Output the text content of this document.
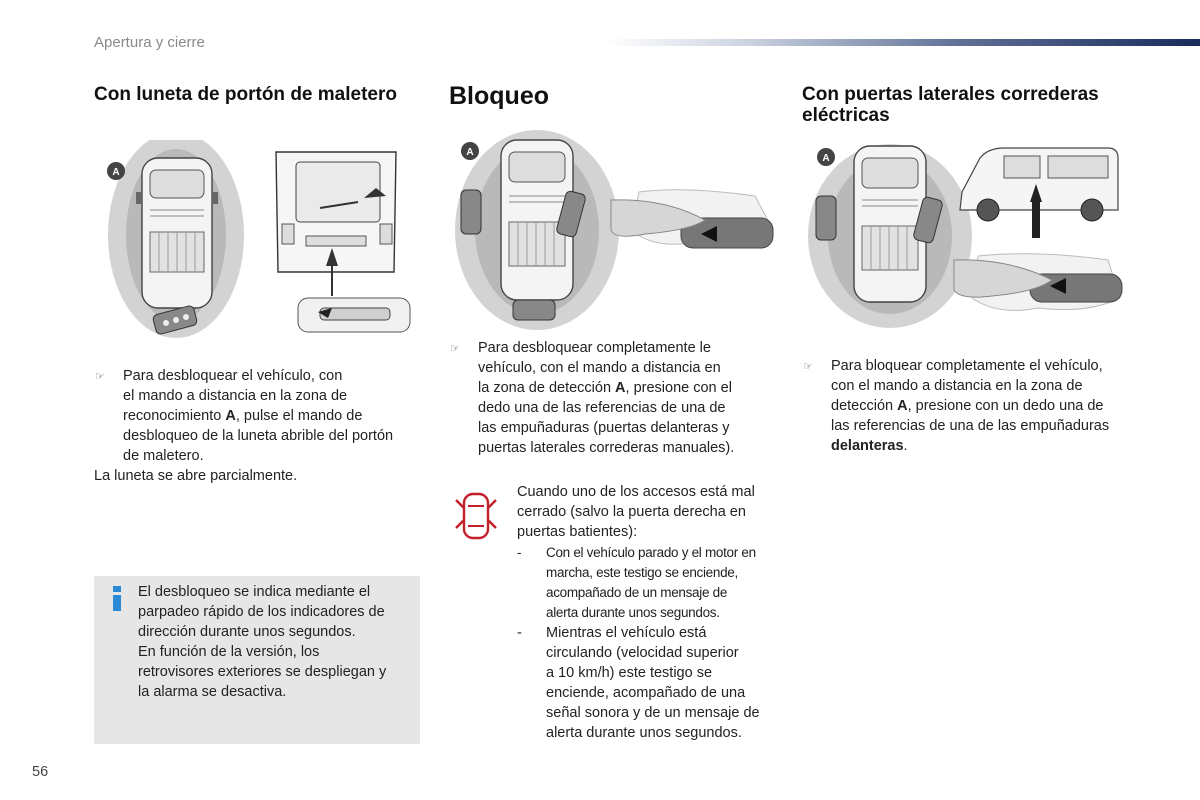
Apertura y cierre
Con luneta de portón de maletero Bloqueo	Con puertas laterales correderas
eléctricas
A
☞ Para desbloquear el vehículo, con
el mando a distancia en la zona de
reconocimiento A, pulse el mando de
desbloqueo de la luneta abrible del portón
de maletero.
La luneta se abre parcialmente.
El desbloqueo se indica mediante el
parpadeo rápido de los indicadores de
dirección durante unos segundos.
En función de la versión, los
retrovisores exteriores se despliegan y
la alarma se desactiva.
A
☞ Para desbloquear completamente le
vehículo, con el mando a distancia en
la zona de detección A, presione con el
dedo una de las referencias de una de
las empuñaduras (puertas delanteras y
puertas laterales correderas manuales).
Cuando uno de los accesos está mal
cerrado (salvo la puerta derecha en
puertas batientes):
- Con el vehículo parado y el motor en
marcha, este testigo se enciende,
acompañado de un mensaje de
alerta durante unos segundos.
- Mientras el vehículo está
circulando (velocidad superior
a 10 km/h) este testigo se
enciende, acompañado de una
señal sonora y de un mensaje de
alerta durante unos segundos.
A
☞ Para bloquear completamente el vehículo,
con el mando a distancia en la zona de
detección A, presione con un dedo una de
las referencias de una de las empuñaduras
delanteras.
56
